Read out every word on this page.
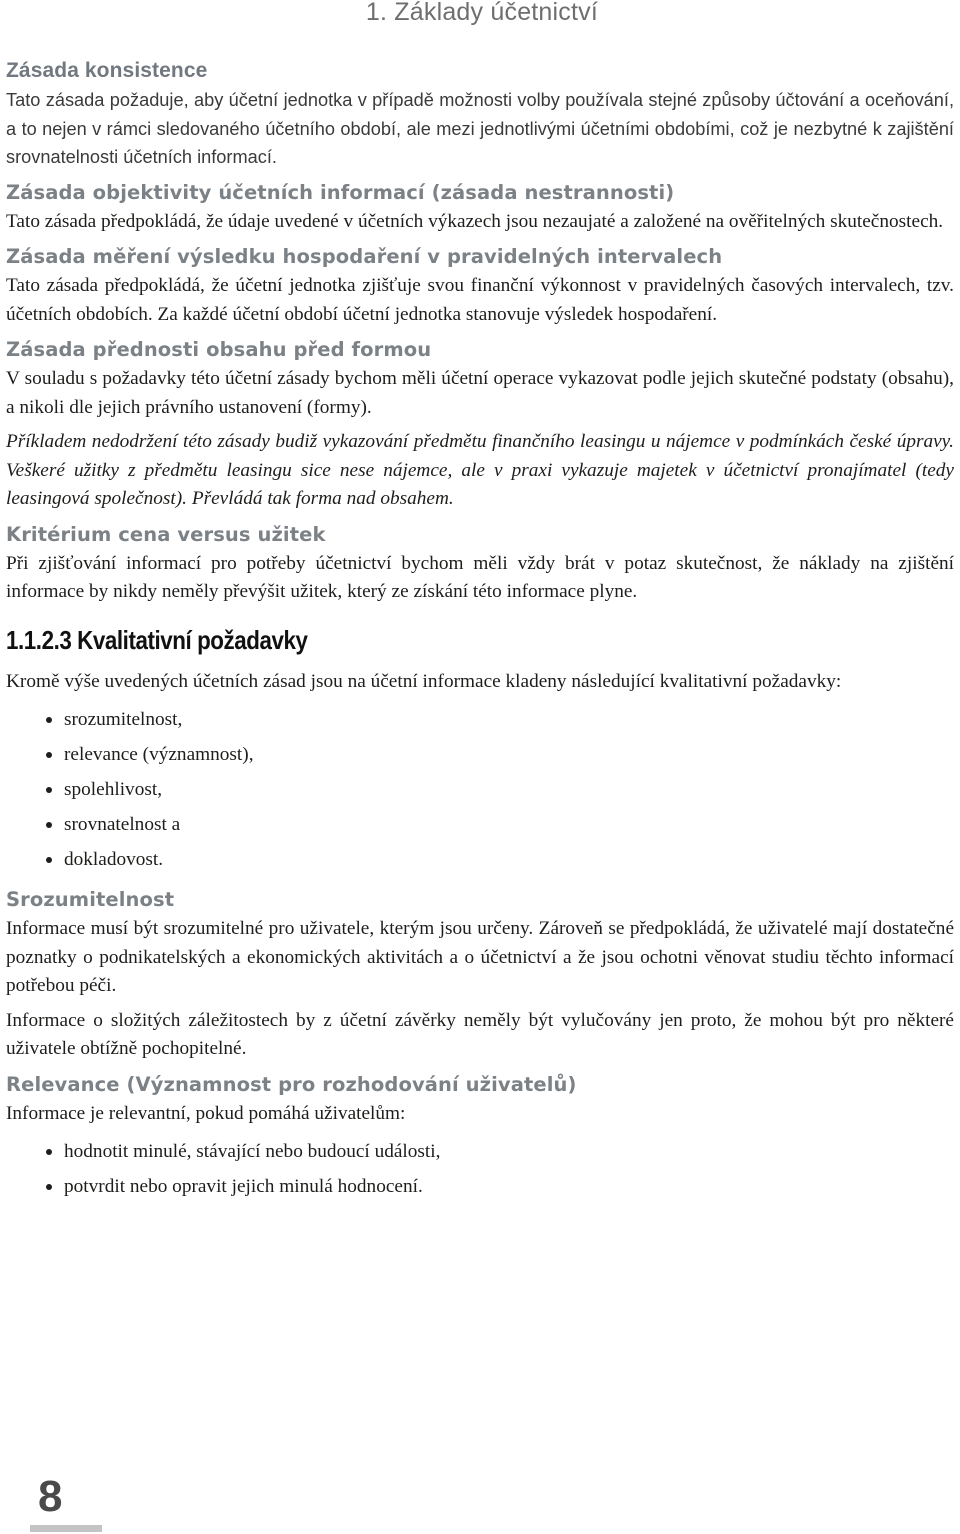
1. Základy účetnictví
Zásada konsistence

Tato zásada požaduje, aby účetní jednotka v případě možnosti volby používala stejné způsoby účtování a oceňování, a to nejen v rámci sledovaného účetního období, ale mezi jednotlivými účetními obdobími, což je nezbytné k zajištění srovnatelnosti účetních informací.

Zásada objektivity účetních informací (zásada nestrannosti)

Tato zásada předpokládá, že údaje uvedené v účetních výkazech jsou nezaujaté a založené na ověřitelných skutečnostech.

Zásada měření výsledku hospodaření v pravidelných intervalech

Tato zásada předpokládá, že účetní jednotka zjišťuje svou finanční výkonnost v pravidelných časových intervalech, tzv. účetních obdobích. Za každé účetní období účetní jednotka stanovuje výsledek hospodaření.

Zásada přednosti obsahu před formou

V souladu s požadavky této účetní zásady bychom měli účetní operace vykazovat podle jejich skutečné podstaty (obsahu), a nikoli dle jejich právního ustanovení (formy).

Příkladem nedodržení této zásady budiž vykazování předmětu finančního leasingu u nájemce v podmínkách české úpravy. Veškeré užitky z předmětu leasingu sice nese nájemce, ale v praxi vykazuje majetek v účetnictví pronajímatel (tedy leasingová společnost). Převládá tak forma nad obsahem.

Kritérium cena versus užitek

Při zjišťování informací pro potřeby účetnictví bychom měli vždy brát v potaz skutečnost, že náklady na zjištění informace by nikdy neměly převýšit užitek, který ze získání této informace plyne.

1.1.2.3 Kvalitativní požadavky

Kromě výše uvedených účetních zásad jsou na účetní informace kladeny následující kvalitativní požadavky:

srozumitelnost,
relevance (významnost),
spolehlivost,
srovnatelnost a
dokladovost.
Srozumitelnost

Informace musí být srozumitelné pro uživatele, kterým jsou určeny. Zároveň se předpokládá, že uživatelé mají dostatečné poznatky o podnikatelských a ekonomických aktivitách a o účetnictví a že jsou ochotni věnovat studiu těchto informací potřebou péči.

Informace o složitých záležitostech by z účetní závěrky neměly být vylučovány jen proto, že mohou být pro některé uživatele obtížně pochopitelné.

Relevance (Významnost pro rozhodování uživatelů)

Informace je relevantní, pokud pomáhá uživatelům:

hodnotit minulé, stávající nebo budoucí události,
potvrdit nebo opravit jejich minulá hodnocení.
8
